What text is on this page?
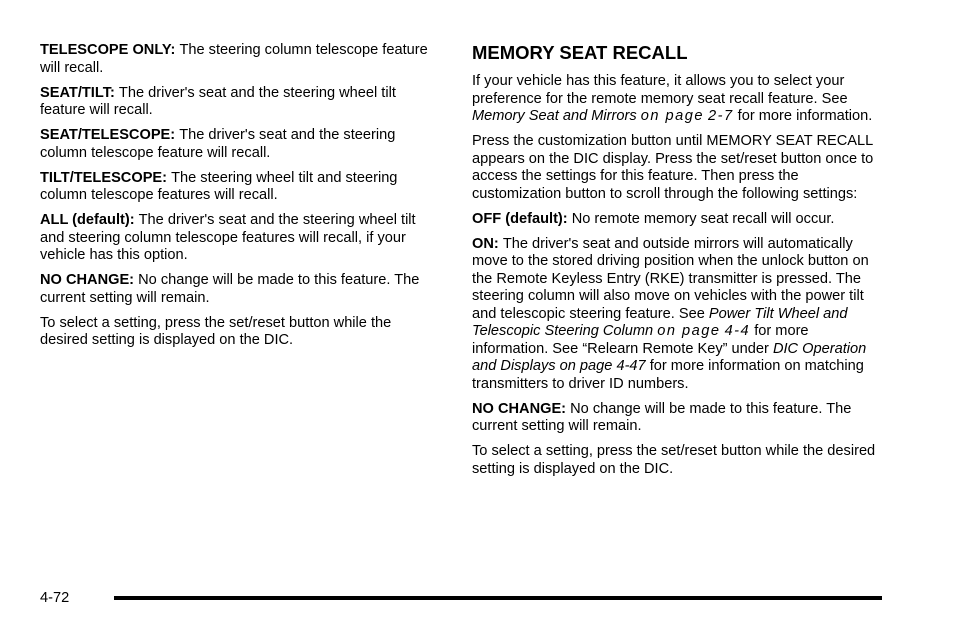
TELESCOPE ONLY: The steering column telescope feature will recall.

SEAT/TILT: The driver's seat and the steering wheel tilt feature will recall.

SEAT/TELESCOPE: The driver's seat and the steering column telescope feature will recall.

TILT/TELESCOPE: The steering wheel tilt and steering column telescope features will recall.

ALL (default): The driver's seat and the steering wheel tilt and steering column telescope features will recall, if your vehicle has this option.

NO CHANGE: No change will be made to this feature. The current setting will remain.

To select a setting, press the set/reset button while the desired setting is displayed on the DIC.

MEMORY SEAT RECALL

If your vehicle has this feature, it allows you to select your preference for the remote memory seat recall feature. See Memory Seat and Mirrors on page 2-7 for more information.

Press the customization button until MEMORY SEAT RECALL appears on the DIC display. Press the set/reset button once to access the settings for this feature. Then press the customization button to scroll through the following settings:

OFF (default): No remote memory seat recall will occur.

ON: The driver's seat and outside mirrors will automatically move to the stored driving position when the unlock button on the Remote Keyless Entry (RKE) transmitter is pressed. The steering column will also move on vehicles with the power tilt and telescopic steering feature. See Power Tilt Wheel and Telescopic Steering Column on page 4-4 for more information. See “Relearn Remote Key” under DIC Operation and Displays on page 4-47 for more information on matching transmitters to driver ID numbers.

NO CHANGE: No change will be made to this feature. The current setting will remain.

To select a setting, press the set/reset button while the desired setting is displayed on the DIC.

4-72
